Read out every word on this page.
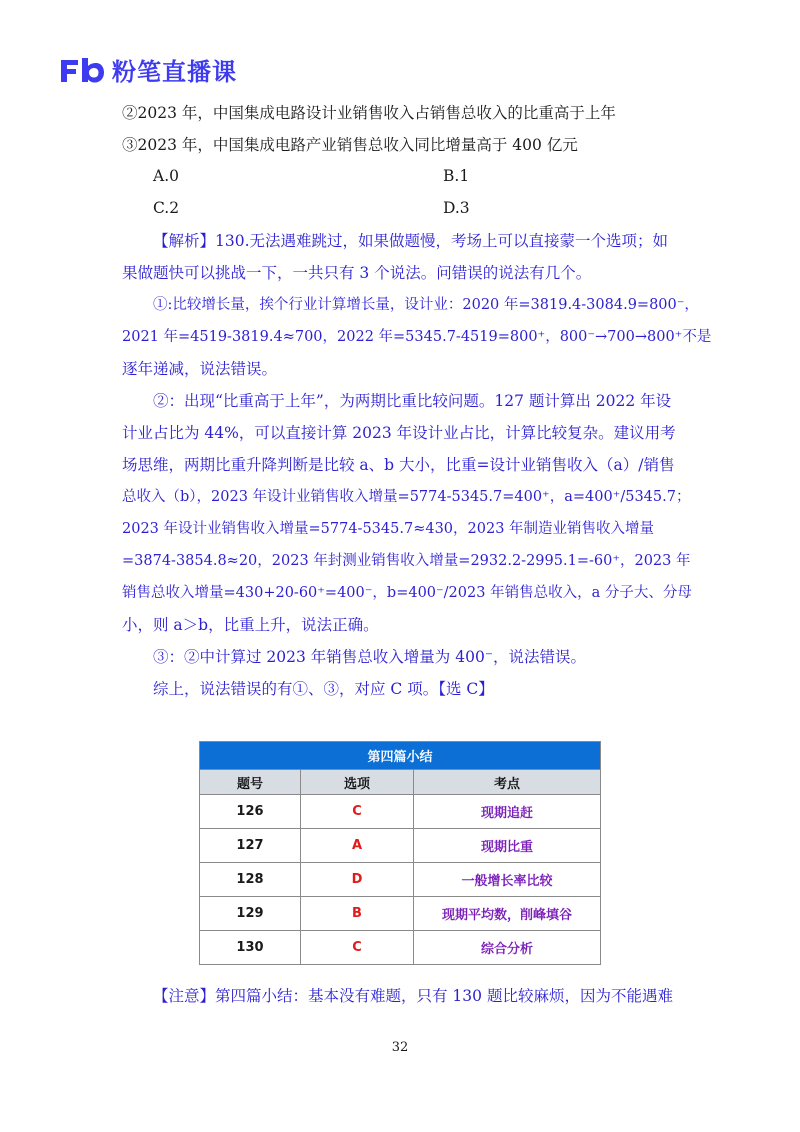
粉笔直播课
②2023 年，中国集成电路设计业销售收入占销售总收入的比重高于上年
③2023 年，中国集成电路产业销售总收入同比增量高于 400 亿元
A.0	B.1
C.2	D.3
【解析】130.无法遇难跳过，如果做题慢，考场上可以直接蒙一个选项；如
果做题快可以挑战一下，一共只有 3 个说法。问错误的说法有几个。
①:比较增长量，挨个行业计算增长量，设计业：2020 年=3819.4-3084.9=800⁻，
2021 年=4519-3819.4≈700，2022 年=5345.7-4519=800⁺，800⁻→700→800⁺不是
逐年递减，说法错误。
②：出现“比重高于上年”，为两期比重比较问题。127 题计算出 2022 年设
计业占比为 44%，可以直接计算 2023 年设计业占比，计算比较复杂。建议用考
场思维，两期比重升降判断是比较 a、b 大小，比重=设计业销售收入（a）/销售
总收入（b），2023 年设计业销售收入增量=5774-5345.7=400⁺，a=400⁺/5345.7；
2023 年设计业销售收入增量=5774-5345.7≈430，2023 年制造业销售收入增量
=3874-3854.8≈20，2023 年封测业销售收入增量=2932.2-2995.1=-60⁺，2023 年
销售总收入增量=430+20-60⁺=400⁻，b=400⁻/2023 年销售总收入，a 分子大、分母
小，则 a＞b，比重上升，说法正确。
③：②中计算过 2023 年销售总收入增量为 400⁻，说法错误。
综上，说法错误的有①、③，对应 C 项。【选 C】
第四篇小结		
题号	选项	考点
126	C	现期追赶
127	A	现期比重
128	D	一般增长率比较
129	B	现期平均数，削峰填谷
130	C	综合分析
【注意】第四篇小结：基本没有难题，只有 130 题比较麻烦，因为不能遇难
32
